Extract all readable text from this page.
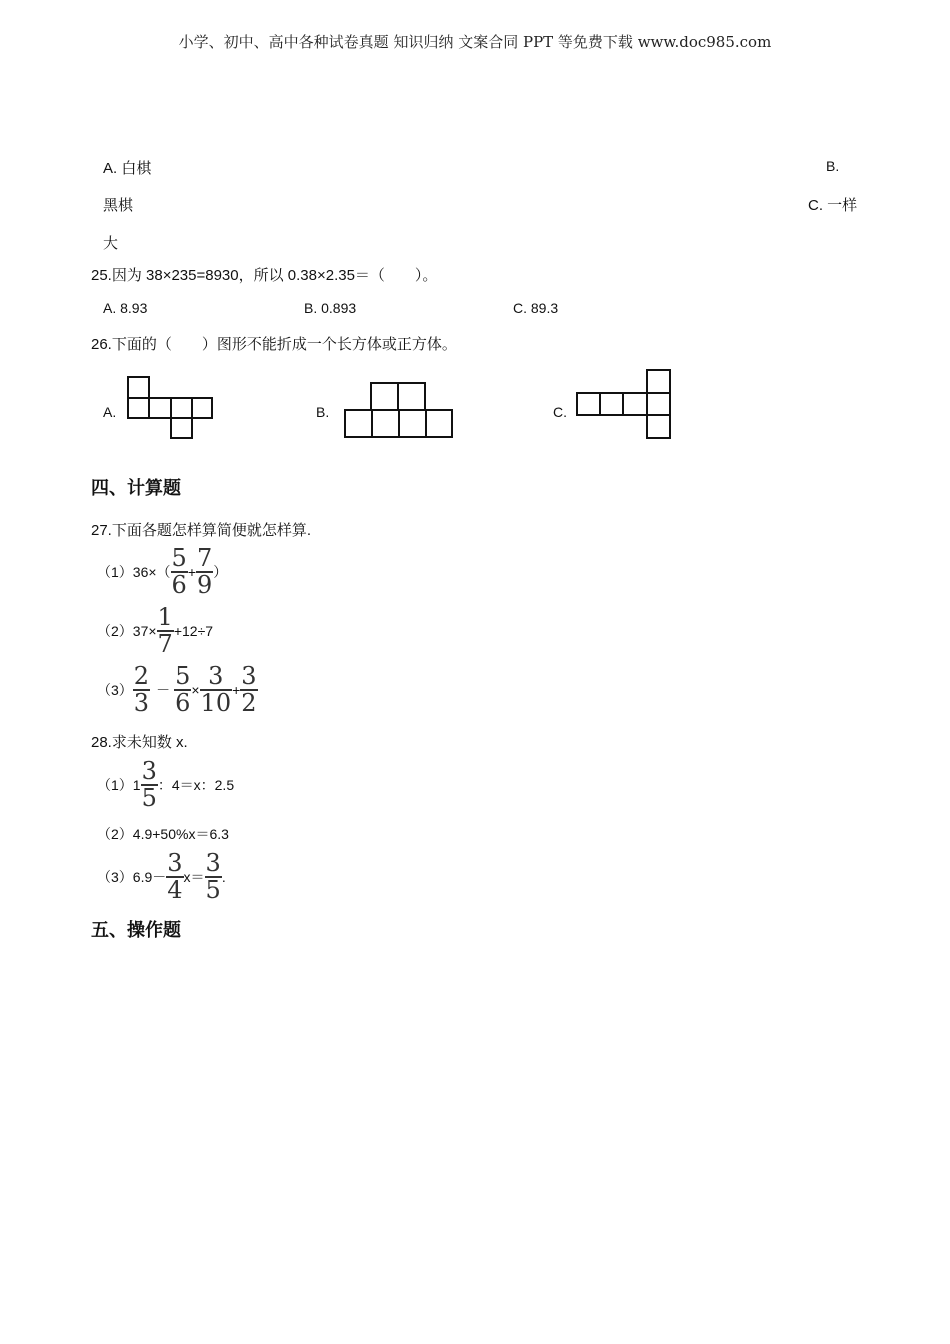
小学、初中、高中各种试卷真题 知识归纳 文案合同 PPT 等免费下载 www.doc985.com
A. 白棋	B.
黑棋	C. 一样
大
25.因为 38×235=8930，所以 0.38×2.35＝（　　）。
A. 8.93	B. 0.893	C. 89.3
26.下面的（　　）图形不能折成一个长方体或正方体。
A.	B.	C.
四、计算题
27.下面各题怎样算简便就怎样算.
$(1)36\times( \frac{5}{6} + \frac{7}{9}$ ）
$(2)37\times \frac{1}{7} +12\div 7$
$(3) \frac{2}{3} - \frac{5}{6} \times \frac{3}{10} + \frac{3}{2}$
28.求未知数 x.
$(1)1 \frac{3}{5}$ ：4＝x：2.5
（2）4.9+50%x＝6.3
$(3)6.9- \frac{3}{4} x= \frac{3}{5}$ .
五、操作题
